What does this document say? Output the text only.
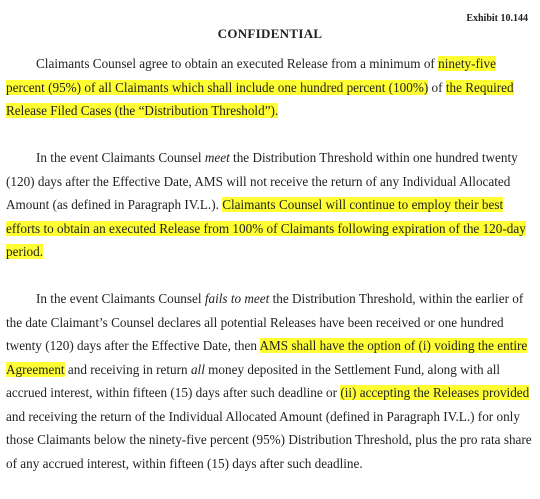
Exhibit 10.144
CONFIDENTIAL

Claimants Counsel agree to obtain an executed Release from a minimum of ninety-five percent (95%) of all Claimants which shall include one hundred percent (100%) of the Required Release Filed Cases (the “Distribution Threshold”).

In the event Claimants Counsel meet the Distribution Threshold within one hundred twenty (120) days after the Effective Date, AMS will not receive the return of any Individual Allocated Amount (as defined in Paragraph IV.L.). Claimants Counsel will continue to employ their best efforts to obtain an executed Release from 100% of Claimants following expiration of the 120-day period.

In the event Claimants Counsel fails to meet the Distribution Threshold, within the earlier of the date Claimant’s Counsel declares all potential Releases have been received or one hundred twenty (120) days after the Effective Date, then AMS shall have the option of (i) voiding the entire Agreement and receiving in return all money deposited in the Settlement Fund, along with all accrued interest, within fifteen (15) days after such deadline or (ii) accepting the Releases provided and receiving the return of the Individual Allocated Amount (defined in Paragraph IV.L.) for only those Claimants below the ninety-five percent (95%) Distribution Threshold, plus the pro rata share of any accrued interest, within fifteen (15) days after such deadline.
